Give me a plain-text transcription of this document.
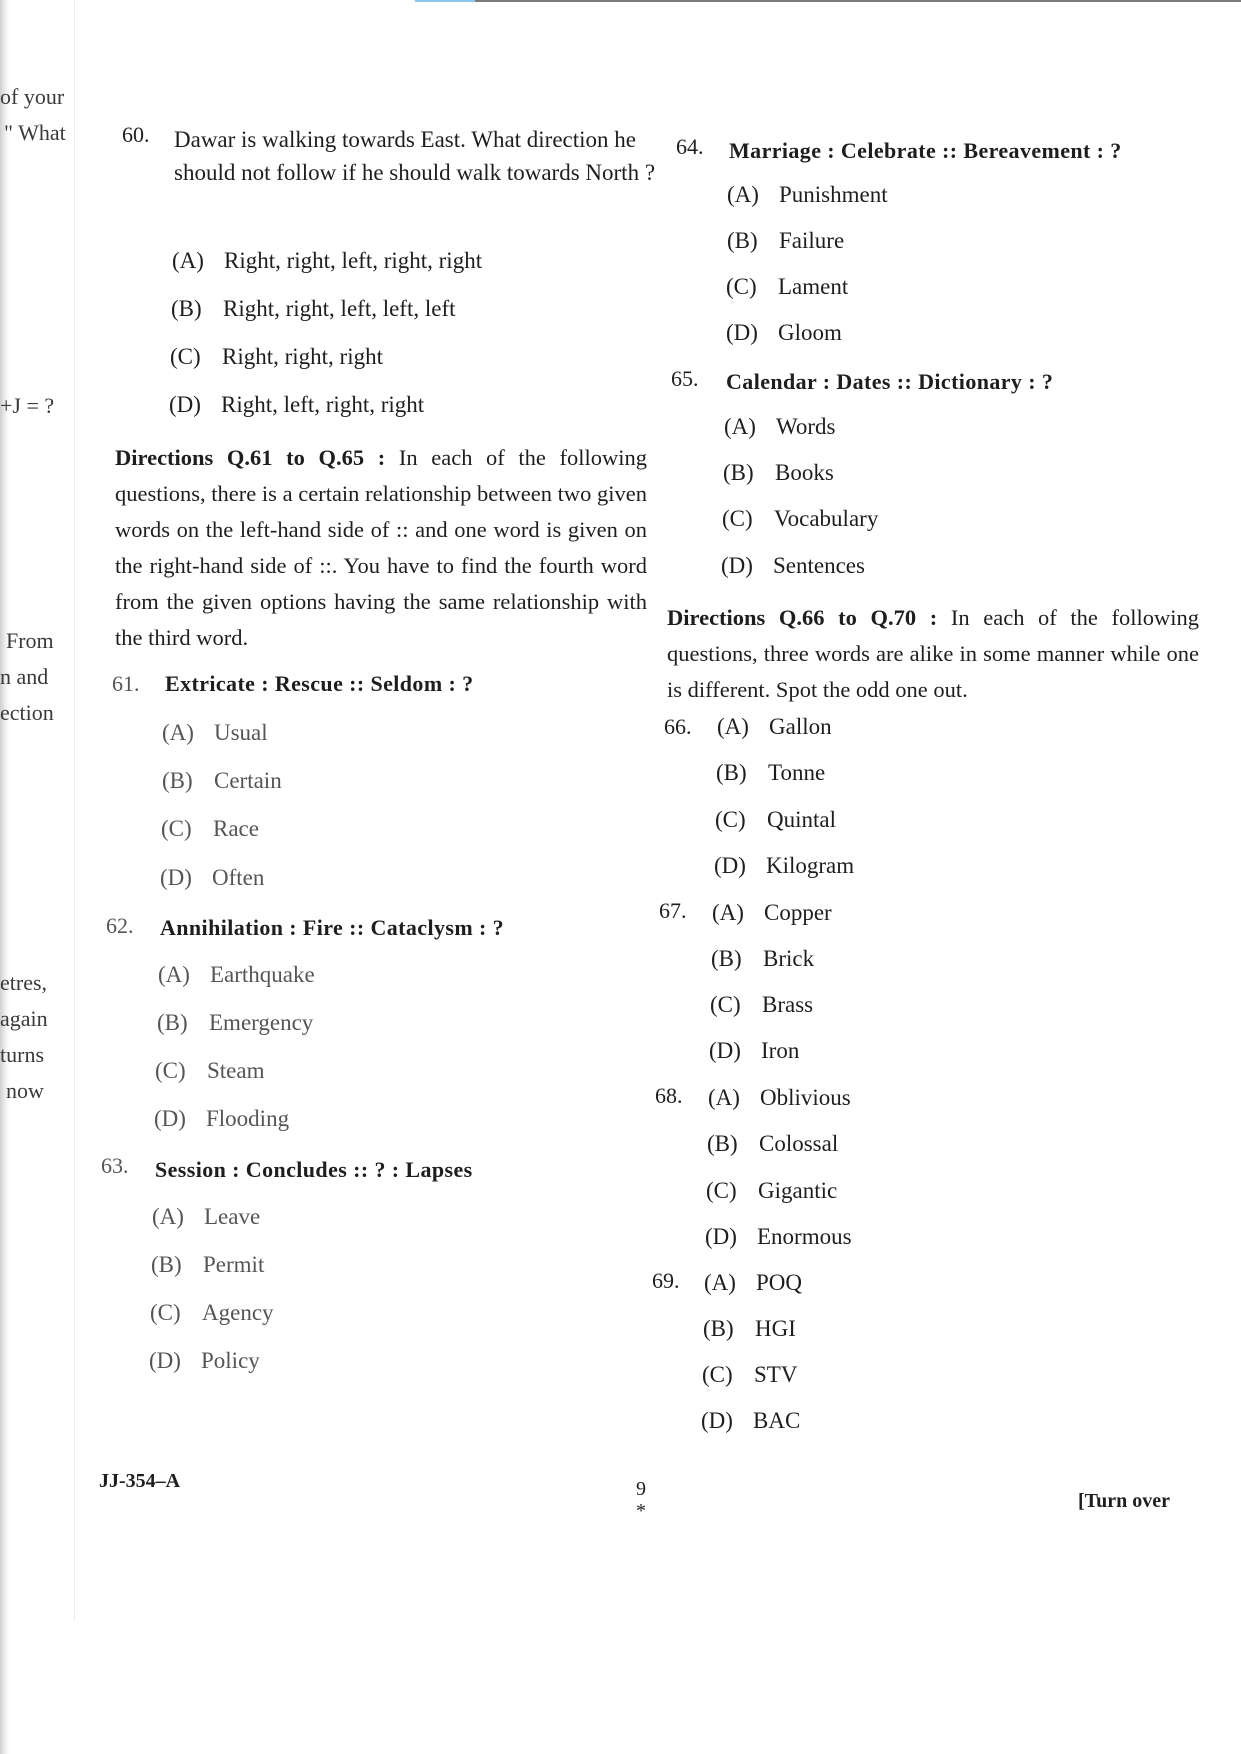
of your
" What
+J = ?
From
n and
ection
etres,
again
turns
now
60. Dawar is walking towards East. What direction he should not follow if he should walk towards North ?
(A) Right, right, left, right, right
(B) Right, right, left, left, left
(C) Right, right, right
(D) Right, left, right, right
Directions Q.61 to Q.65 : In each of the following questions, there is a certain relationship between two given words on the left-hand side of :: and one word is given on the right-hand side of ::. You have to find the fourth word from the given options having the same relationship with the third word.
61. Extricate : Rescue :: Seldom : ?
(A) Usual
(B) Certain
(C) Race
(D) Often
62. Annihilation : Fire :: Cataclysm : ?
(A) Earthquake
(B) Emergency
(C) Steam
(D) Flooding
63. Session : Concludes :: ? : Lapses
(A) Leave
(B) Permit
(C) Agency
(D) Policy
64. Marriage : Celebrate :: Bereavement : ?
(A) Punishment
(B) Failure
(C) Lament
(D) Gloom
65. Calendar : Dates :: Dictionary : ?
(A) Words
(B) Books
(C) Vocabulary
(D) Sentences
Directions Q.66 to Q.70 : In each of the following questions, three words are alike in some manner while one is different. Spot the odd one out.
66. (A) Gallon
(B) Tonne
(C) Quintal
(D) Kilogram
67. (A) Copper
(B) Brick
(C) Brass
(D) Iron
68. (A) Oblivious
(B) Colossal
(C) Gigantic
(D) Enormous
69. (A) POQ
(B) HGI
(C) STV
(D) BAC
JJ-354–A	9
*	[Turn over
